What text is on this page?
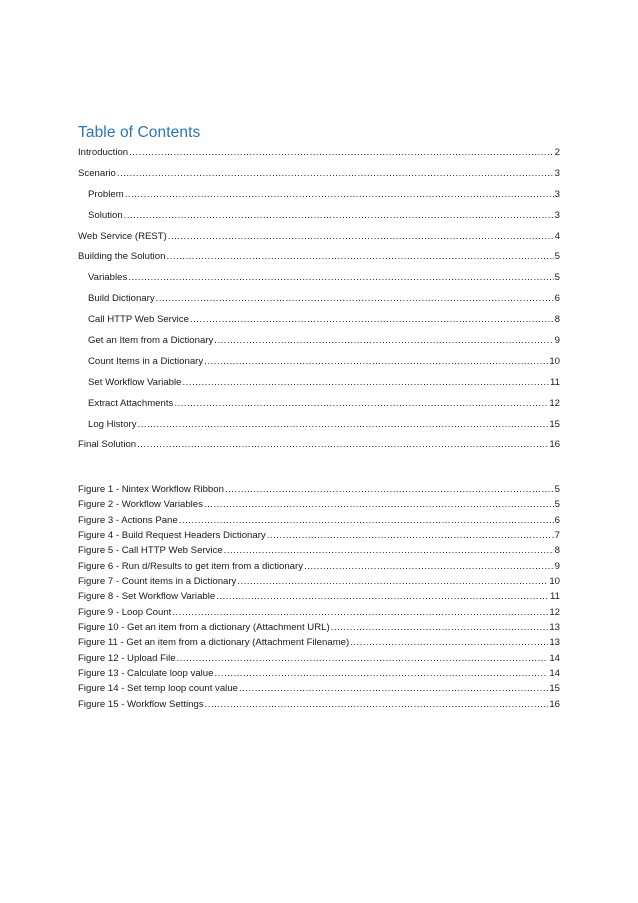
Table of Contents
Introduction .....	2
Scenario .....	3
Problem .....	3
Solution .....	3
Web Service (REST) .....	4
Building the Solution .....	5
Variables .....	5
Build Dictionary .....	6
Call HTTP Web Service .....	8
Get an Item from a Dictionary .....	9
Count Items in a Dictionary .....	10
Set Workflow Variable .....	11
Extract Attachments .....	12
Log History .....	15
Final Solution .....	16
Figure 1 - Nintex Workflow Ribbon .....	5
Figure 2 - Workflow Variables .....	5
Figure 3 - Actions Pane .....	6
Figure 4 - Build Request Headers Dictionary .....	7
Figure 5 - Call HTTP Web Service .....	8
Figure 6 - Run d/Results to get item from a dictionary .....	9
Figure 7 - Count items in a Dictionary .....	10
Figure 8 - Set Workflow Variable .....	11
Figure 9 - Loop Count .....	12
Figure 10 - Get an item from a dictionary (Attachment URL) .....	13
Figure 11 - Get an item from a dictionary (Attachment Filename) .....	13
Figure 12 - Upload File .....	14
Figure 13 - Calculate loop value .....	14
Figure 14 - Set temp loop count value .....	15
Figure 15 - Workflow Settings .....	16
